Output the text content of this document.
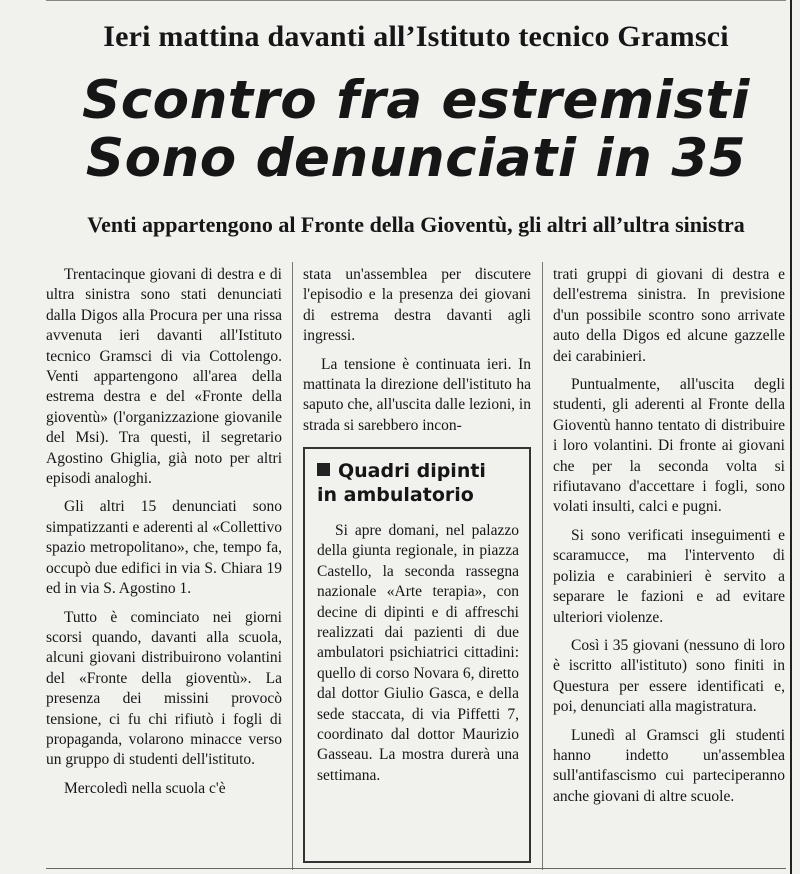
Ieri mattina davanti all’Istituto tecnico Gramsci
Scontro fra estremisti
Sono denunciati in 35
Venti appartengono al Fronte della Gioventù, gli altri all’ultra sinistra

Trentacinque giovani di destra e di ultra sinistra sono stati denunciati dalla Digos alla Procura per una rissa avvenuta ieri davanti all'Istituto tecnico Gramsci di via Cottolengo. Venti appartengono all'area della estrema destra e del «Fronte della gioventù» (l'organizzazione giovanile del Msi). Tra questi, il segretario Agostino Ghiglia, già noto per altri episodi analoghi.

Gli altri 15 denunciati sono simpatizzanti e aderenti al «Collettivo spazio metropolitano», che, tempo fa, occupò due edifici in via S. Chiara 19 ed in via S. Agostino 1.

Tutto è cominciato nei giorni scorsi quando, davanti alla scuola, alcuni giovani distribuirono volantini del «Fronte della gioventù». La presenza dei missini provocò tensione, ci fu chi rifiutò i fogli di propaganda, volarono minacce verso un gruppo di studenti dell'istituto.

Mercoledì nella scuola c'è

stata un'assemblea per discutere l'episodio e la presenza dei giovani di estrema destra davanti agli ingressi.

La tensione è continuata ieri. In mattinata la direzione dell'istituto ha saputo che, all'uscita dalle lezioni, in strada si sarebbero incon-

Quadri dipinti
in ambulatorio

Si apre domani, nel palazzo della giunta regionale, in piazza Castello, la seconda rassegna nazionale «Arte terapia», con decine di dipinti e di affreschi realizzati dai pazienti di due ambulatori psichiatrici cittadini: quello di corso Novara 6, diretto dal dottor Giulio Gasca, e della sede staccata, di via Piffetti 7, coordinato dal dottor Maurizio Gasseau. La mostra durerà una settimana.

trati gruppi di giovani di destra e dell'estrema sinistra. In previsione d'un possibile scontro sono arrivate auto della Digos ed alcune gazzelle dei carabinieri.

Puntualmente, all'uscita degli studenti, gli aderenti al Fronte della Gioventù hanno tentato di distribuire i loro volantini. Di fronte ai giovani che per la seconda volta si rifiutavano d'accettare i fogli, sono volati insulti, calci e pugni.

Si sono verificati inseguimenti e scaramucce, ma l'intervento di polizia e carabinieri è servito a separare le fazioni e ad evitare ulteriori violenze.

Così i 35 giovani (nessuno di loro è iscritto all'istituto) sono finiti in Questura per essere identificati e, poi, denunciati alla magistratura.

Lunedì al Gramsci gli studenti hanno indetto un'assemblea sull'antifascismo cui parteciperanno anche giovani di altre scuole.
